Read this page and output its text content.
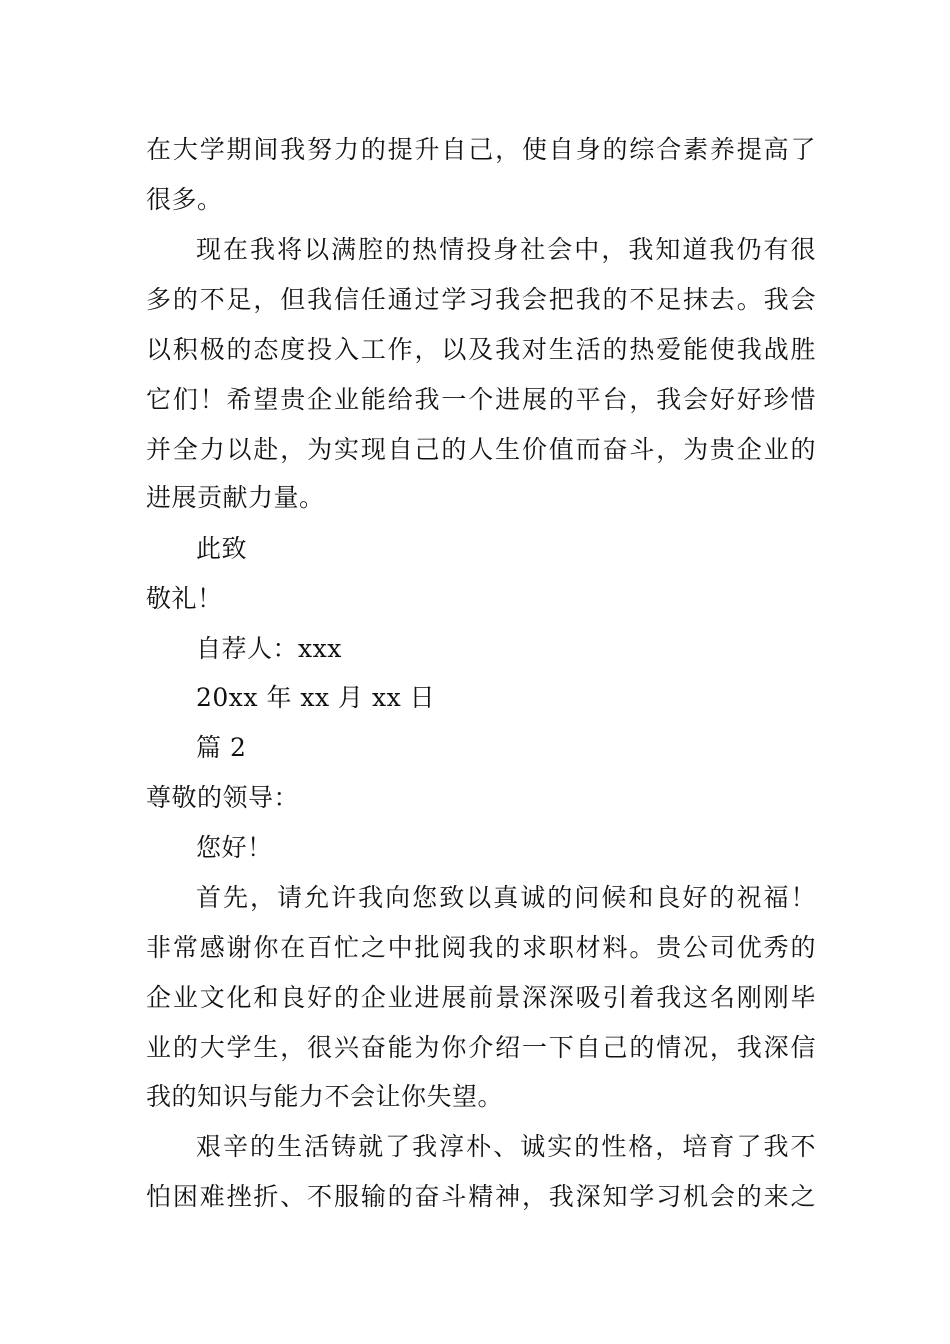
在大学期间我努力的提升自己，使自身的综合素养提高了
很多。
现在我将以满腔的热情投身社会中，我知道我仍有很
多的不足，但我信任通过学习我会把我的不足抹去。我会
以积极的态度投入工作，以及我对生活的热爱能使我战胜
它们！希望贵企业能给我一个进展的平台，我会好好珍惜
并全力以赴，为实现自己的人生价值而奋斗，为贵企业的
进展贡献力量。
此致
敬礼！
自荐人：xxx
20xx 年 xx 月 xx 日
篇 2
尊敬的领导：
您好！
首先，请允许我向您致以真诚的问候和良好的祝福！
非常感谢你在百忙之中批阅我的求职材料。贵公司优秀的
企业文化和良好的企业进展前景深深吸引着我这名刚刚毕
业的大学生，很兴奋能为你介绍一下自己的情况，我深信
我的知识与能力不会让你失望。
艰辛的生活铸就了我淳朴、诚实的性格，培育了我不
怕困难挫折、不服输的奋斗精神，我深知学习机会的来之
